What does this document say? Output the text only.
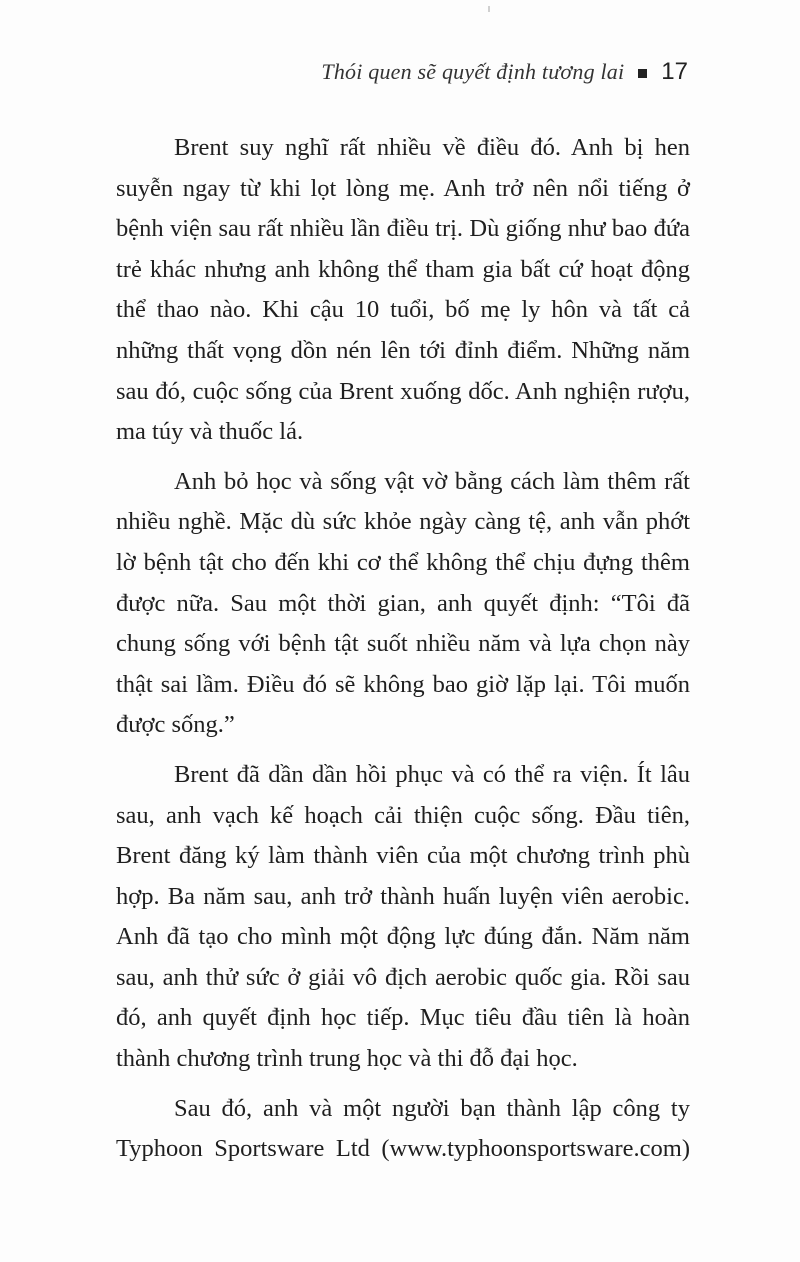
Thói quen sẽ quyết định tương lai 17

Brent suy nghĩ rất nhiều về điều đó. Anh bị hen suyễn ngay từ khi lọt lòng mẹ. Anh trở nên nổi tiếng ở bệnh viện sau rất nhiều lần điều trị. Dù giống như bao đứa trẻ khác nhưng anh không thể tham gia bất cứ hoạt động thể thao nào. Khi cậu 10 tuổi, bố mẹ ly hôn và tất cả những thất vọng dồn nén lên tới đỉnh điểm. Những năm sau đó, cuộc sống của Brent xuống dốc. Anh nghiện rượu, ma túy và thuốc lá.

Anh bỏ học và sống vật vờ bằng cách làm thêm rất nhiều nghề. Mặc dù sức khỏe ngày càng tệ, anh vẫn phớt lờ bệnh tật cho đến khi cơ thể không thể chịu đựng thêm được nữa. Sau một thời gian, anh quyết định: “Tôi đã chung sống với bệnh tật suốt nhiều năm và lựa chọn này thật sai lầm. Điều đó sẽ không bao giờ lặp lại. Tôi muốn được sống.”

Brent đã dần dần hồi phục và có thể ra viện. Ít lâu sau, anh vạch kế hoạch cải thiện cuộc sống. Đầu tiên, Brent đăng ký làm thành viên của một chương trình phù hợp. Ba năm sau, anh trở thành huấn luyện viên aerobic. Anh đã tạo cho mình một động lực đúng đắn. Năm năm sau, anh thử sức ở giải vô địch aerobic quốc gia. Rồi sau đó, anh quyết định học tiếp. Mục tiêu đầu tiên là hoàn thành chương trình trung học và thi đỗ đại học.

Sau đó, anh và một người bạn thành lập công ty Typhoon Sportsware Ltd (www.typhoonsportsware.com)
